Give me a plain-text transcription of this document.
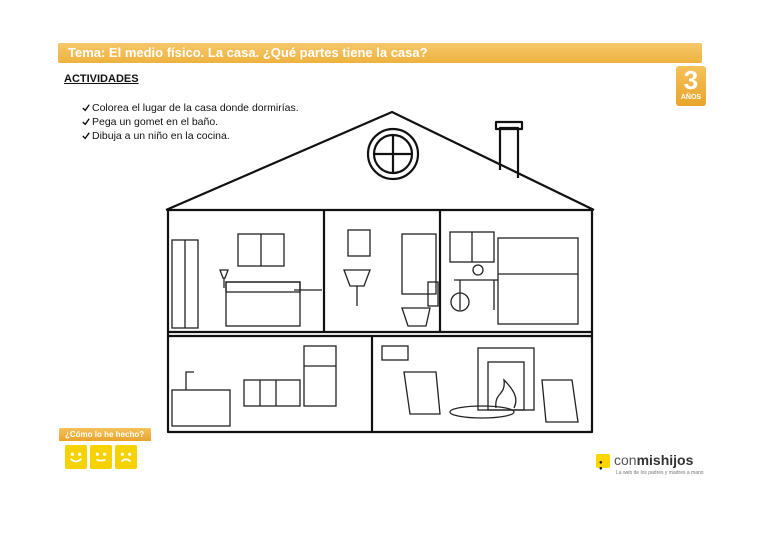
Tema: El medio físico. La casa. ¿Qué partes tiene la casa?
ACTIVIDADES	3
AÑOS
Colorea el lugar de la casa donde dormirías.
Pega un gomet en el baño.
Dibuja a un niño en la cocina.
¿Cómo lo he hecho?
● ●
conmishijos
La web de los padres y madres a mano
